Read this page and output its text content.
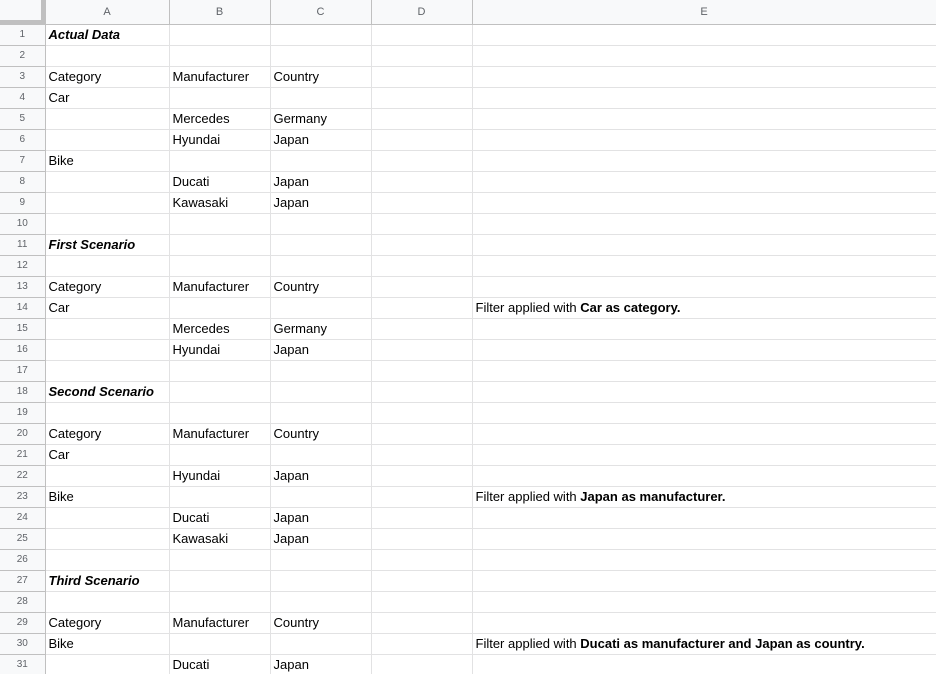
	A	B	C	D	E
1	Actual Data				
2					
3	Category	Manufacturer	Country		
4	Car				
5		Mercedes	Germany		
6		Hyundai	Japan		
7	Bike				
8		Ducati	Japan		
9		Kawasaki	Japan		
10					
11	First Scenario				
12					
13	Category	Manufacturer	Country		
14	Car				Filter applied with Car as category.
15		Mercedes	Germany		
16		Hyundai	Japan		
17					
18	Second Scenario				
19					
20	Category	Manufacturer	Country		
21	Car				
22		Hyundai	Japan		
23	Bike				Filter applied with Japan as manufacturer.
24		Ducati	Japan		
25		Kawasaki	Japan		
26					
27	Third Scenario				
28					
29	Category	Manufacturer	Country		
30	Bike				Filter applied with Ducati as manufacturer and Japan as country.
31		Ducati	Japan		
